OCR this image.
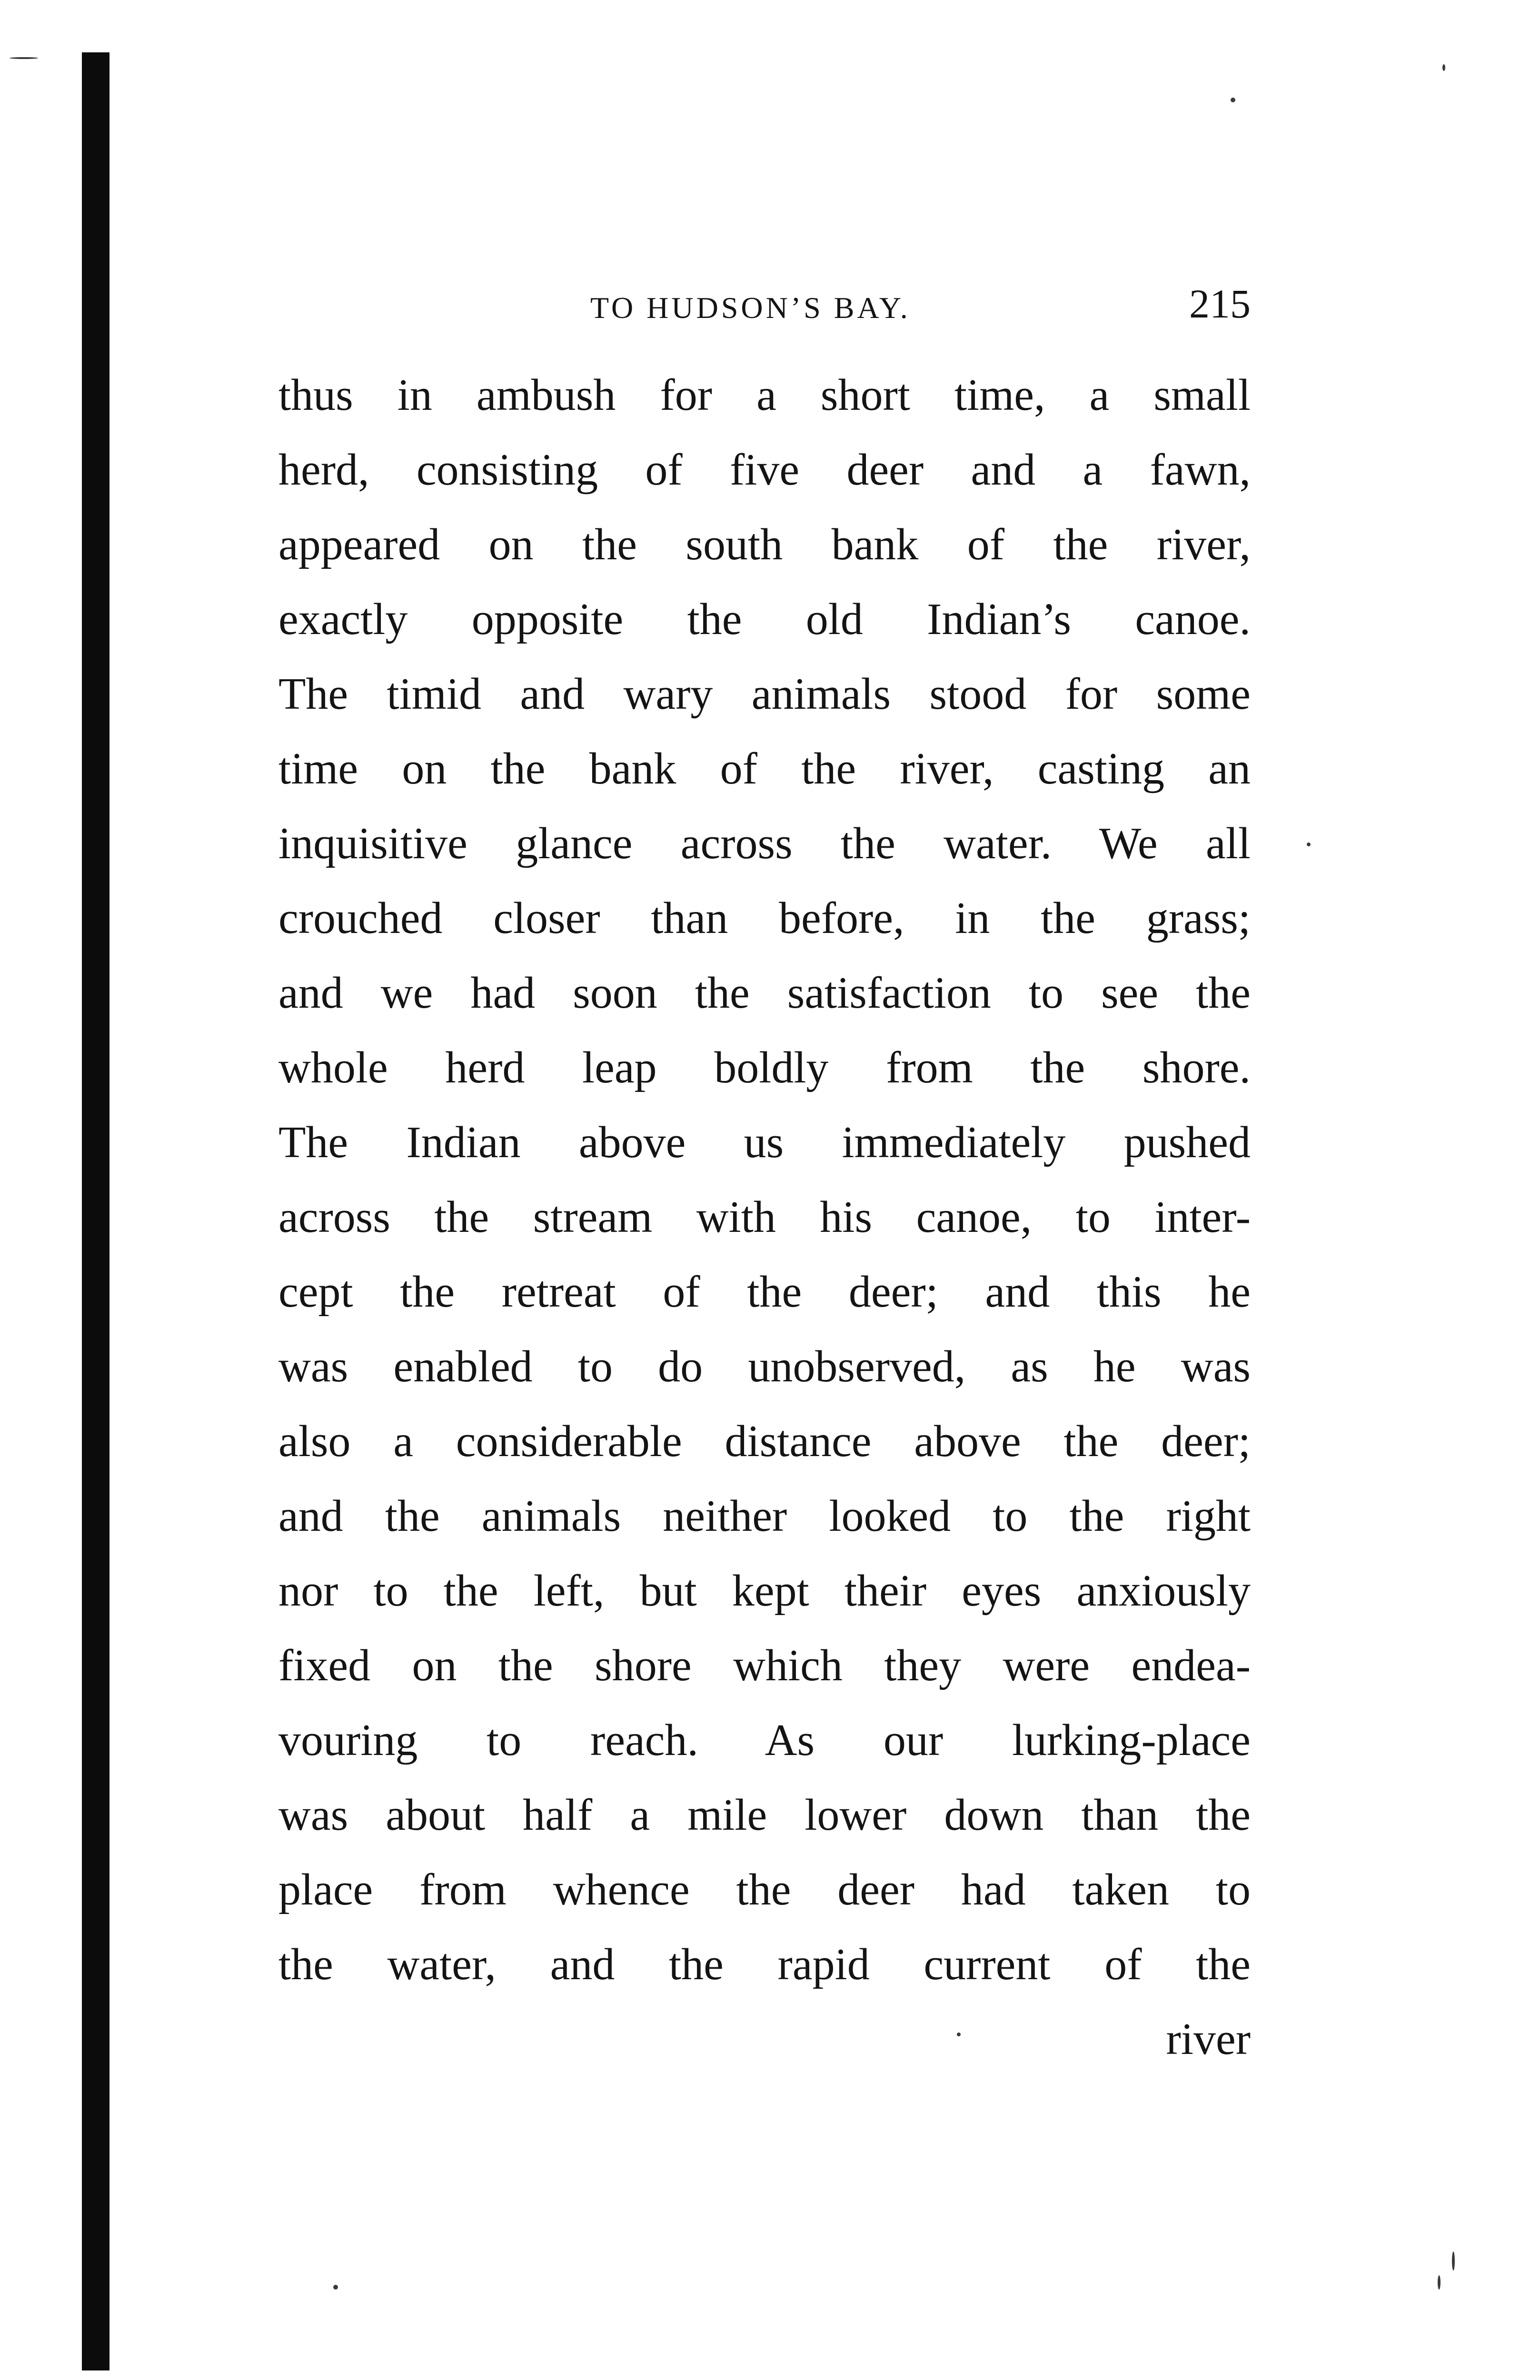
TO HUDSON’S BAY.	215
thus in ambush for a short time, a small
herd, consisting of five deer and a fawn,
appeared on the south bank of the river,
exactly opposite the old Indian’s canoe.
The timid and wary animals stood for some
time on the bank of the river, casting an
inquisitive glance across the water. We all
crouched closer than before, in the grass;
and we had soon the satisfaction to see the
whole herd leap boldly from the shore.
The Indian above us immediately pushed
across the stream with his canoe, to inter-
cept the retreat of the deer; and this he
was enabled to do unobserved, as he was
also a considerable distance above the deer;
and the animals neither looked to the right
nor to the left, but kept their eyes anxiously
fixed on the shore which they were endea-
vouring to reach. As our lurking-place
was about half a mile lower down than the
place from whence the deer had taken to
the water, and the rapid current of the
river
